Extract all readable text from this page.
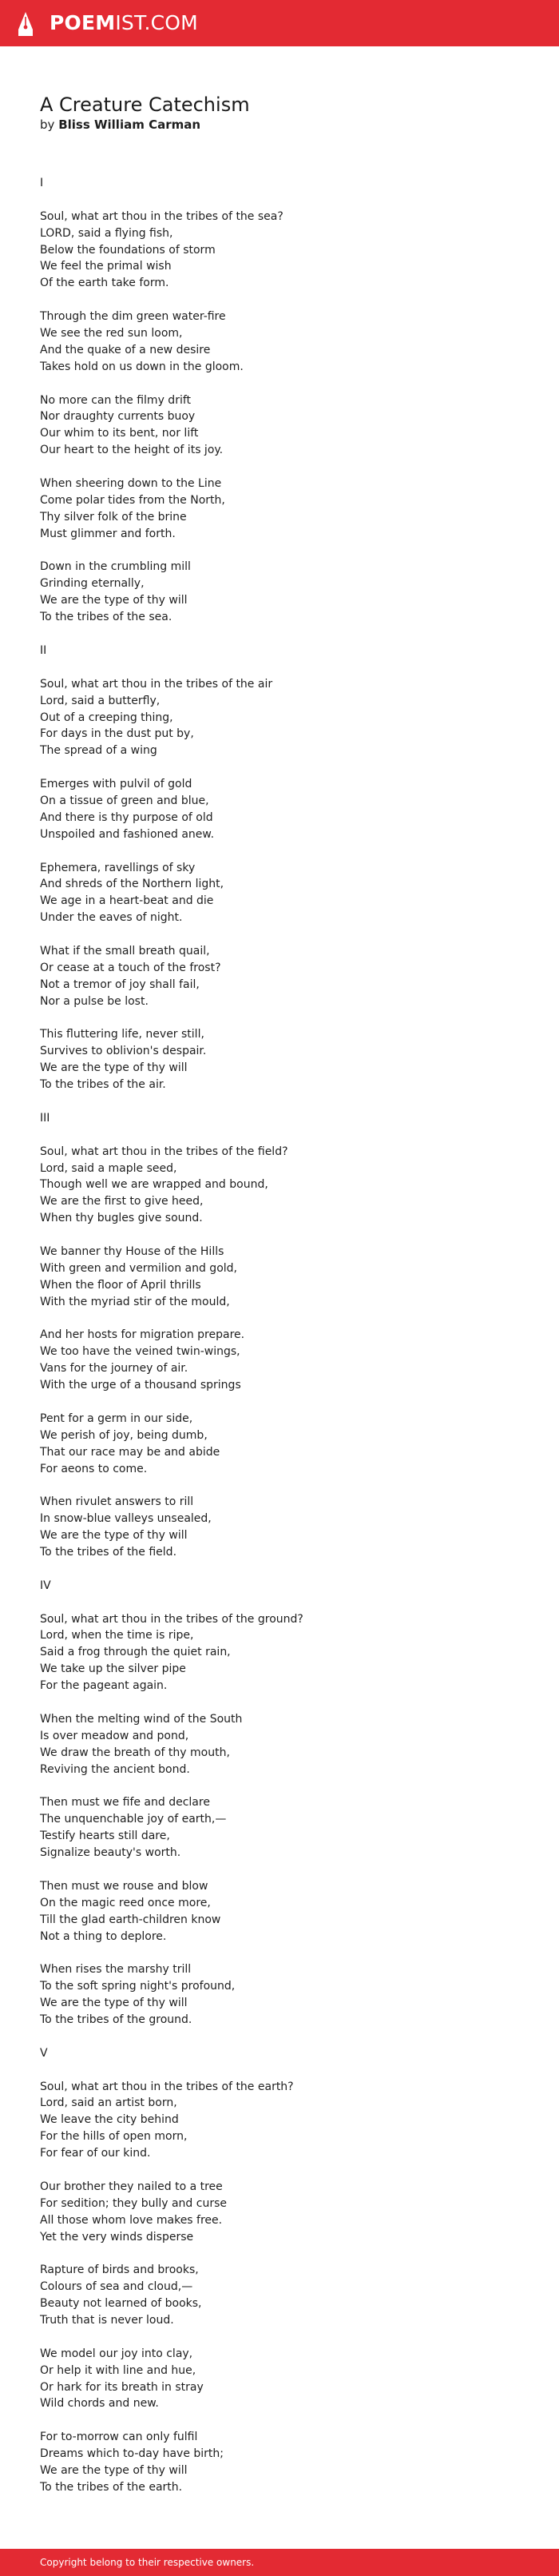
POEMIST.COM
A Creature Catechism
by Bliss William Carman
I
Soul, what art thou in the tribes of the sea?
LORD, said a flying fish,
Below the foundations of storm
We feel the primal wish
Of the earth take form.
Through the dim green water-fire
We see the red sun loom,
And the quake of a new desire
Takes hold on us down in the gloom.
No more can the filmy drift
Nor draughty currents buoy
Our whim to its bent, nor lift
Our heart to the height of its joy.
When sheering down to the Line
Come polar tides from the North,
Thy silver folk of the brine
Must glimmer and forth.
Down in the crumbling mill
Grinding eternally,
We are the type of thy will
To the tribes of the sea.
II
Soul, what art thou in the tribes of the air
Lord, said a butterfly,
Out of a creeping thing,
For days in the dust put by,
The spread of a wing
Emerges with pulvil of gold
On a tissue of green and blue,
And there is thy purpose of old
Unspoiled and fashioned anew.
Ephemera, ravellings of sky
And shreds of the Northern light,
We age in a heart-beat and die
Under the eaves of night.
What if the small breath quail,
Or cease at a touch of the frost?
Not a tremor of joy shall fail,
Nor a pulse be lost.
This fluttering life, never still,
Survives to oblivion's despair.
We are the type of thy will
To the tribes of the air.
III
Soul, what art thou in the tribes of the field?
Lord, said a maple seed,
Though well we are wrapped and bound,
We are the first to give heed,
When thy bugles give sound.
We banner thy House of the Hills
With green and vermilion and gold,
When the floor of April thrills
With the myriad stir of the mould,
And her hosts for migration prepare.
We too have the veined twin-wings,
Vans for the journey of air.
With the urge of a thousand springs
Pent for a germ in our side,
We perish of joy, being dumb,
That our race may be and abide
For aeons to come.
When rivulet answers to rill
In snow-blue valleys unsealed,
We are the type of thy will
To the tribes of the field.
IV
Soul, what art thou in the tribes of the ground?
Lord, when the time is ripe,
Said a frog through the quiet rain,
We take up the silver pipe
For the pageant again.
When the melting wind of the South
Is over meadow and pond,
We draw the breath of thy mouth,
Reviving the ancient bond.
Then must we fife and declare
The unquenchable joy of earth,—
Testify hearts still dare,
Signalize beauty's worth.
Then must we rouse and blow
On the magic reed once more,
Till the glad earth-children know
Not a thing to deplore.
When rises the marshy trill
To the soft spring night's profound,
We are the type of thy will
To the tribes of the ground.
V
Soul, what art thou in the tribes of the earth?
Lord, said an artist born,
We leave the city behind
For the hills of open morn,
For fear of our kind.
Our brother they nailed to a tree
For sedition; they bully and curse
All those whom love makes free.
Yet the very winds disperse
Rapture of birds and brooks,
Colours of sea and cloud,—
Beauty not learned of books,
Truth that is never loud.
We model our joy into clay,
Or help it with line and hue,
Or hark for its breath in stray
Wild chords and new.
For to-morrow can only fulfil
Dreams which to-day have birth;
We are the type of thy will
To the tribes of the earth.
Copyright belong to their respective owners.
